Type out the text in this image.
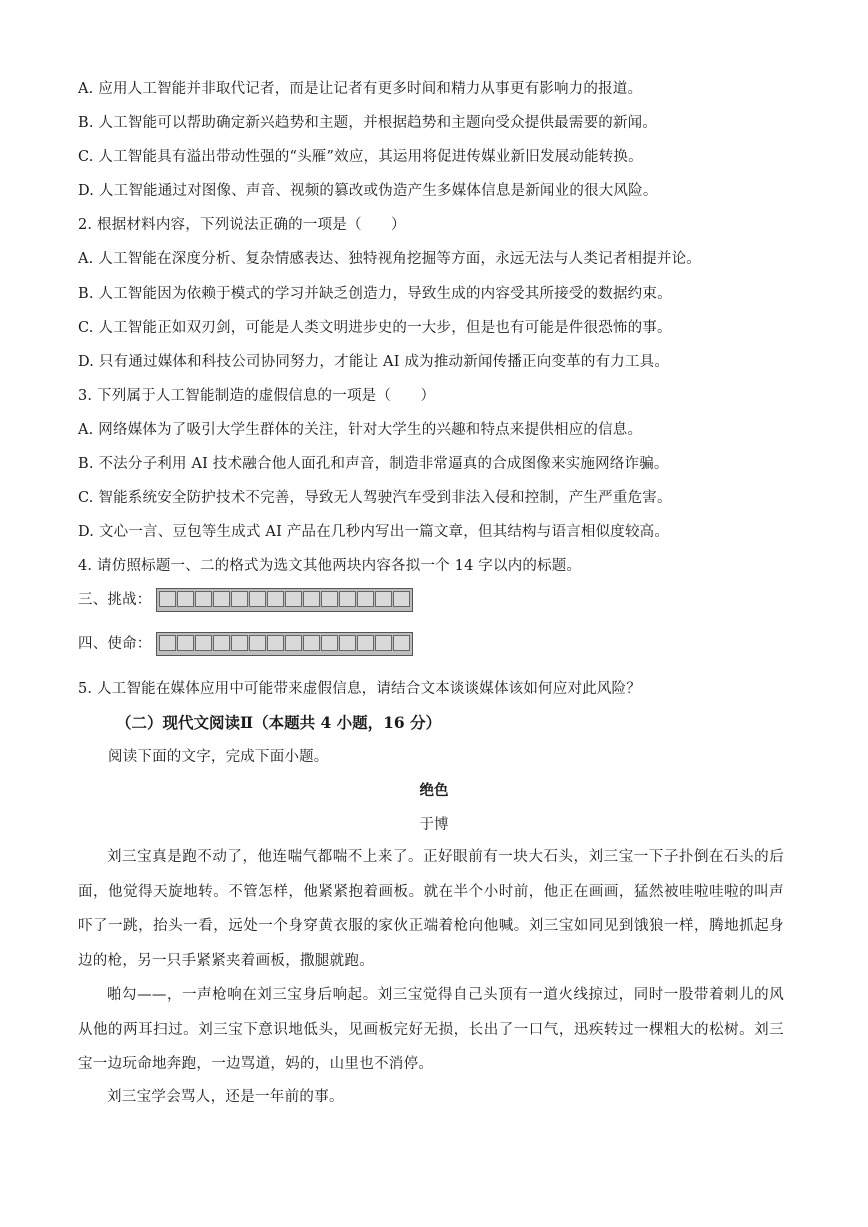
A. 应用人工智能并非取代记者，而是让记者有更多时间和精力从事更有影响力的报道。
B. 人工智能可以帮助确定新兴趋势和主题，并根据趋势和主题向受众提供最需要的新闻。
C. 人工智能具有溢出带动性强的“头雁”效应，其运用将促进传媒业新旧发展动能转换。
D. 人工智能通过对图像、声音、视频的篡改或伪造产生多媒体信息是新闻业的很大风险。
2. 根据材料内容，下列说法正确的一项是（　　）
A. 人工智能在深度分析、复杂情感表达、独特视角挖掘等方面，永远无法与人类记者相提并论。
B. 人工智能因为依赖于模式的学习并缺乏创造力，导致生成的内容受其所接受的数据约束。
C. 人工智能正如双刃剑，可能是人类文明进步史的一大步，但是也有可能是件很恐怖的事。
D. 只有通过媒体和科技公司协同努力，才能让 AI 成为推动新闻传播正向变革的有力工具。
3. 下列属于人工智能制造的虚假信息的一项是（　　）
A. 网络媒体为了吸引大学生群体的关注，针对大学生的兴趣和特点来提供相应的信息。
B. 不法分子利用 AI 技术融合他人面孔和声音，制造非常逼真的合成图像来实施网络诈骗。
C. 智能系统安全防护技术不完善，导致无人驾驶汽车受到非法入侵和控制，产生严重危害。
D. 文心一言、豆包等生成式 AI 产品在几秒内写出一篇文章，但其结构与语言相似度较高。
4. 请仿照标题一、二的格式为选文其他两块内容各拟一个 14 字以内的标题。
三、挑战：
四、使命：
5. 人工智能在媒体应用中可能带来虚假信息，请结合文本谈谈媒体该如何应对此风险？
（二）现代文阅读Ⅱ（本题共 4 小题，16 分）
阅读下面的文字，完成下面小题。
绝色
于博
刘三宝真是跑不动了，他连喘气都喘不上来了。正好眼前有一块大石头，刘三宝一下子扑倒在石头的后面，他觉得天旋地转。不管怎样，他紧紧抱着画板。就在半个小时前，他正在画画，猛然被哇啦哇啦的叫声吓了一跳，抬头一看，远处一个身穿黄衣服的家伙正端着枪向他喊。刘三宝如同见到饿狼一样，腾地抓起身边的枪，另一只手紧紧夹着画板，撒腿就跑。
啪勾——，一声枪响在刘三宝身后响起。刘三宝觉得自己头顶有一道火线掠过，同时一股带着刺儿的风从他的两耳扫过。刘三宝下意识地低头，见画板完好无损，长出了一口气，迅疾转过一棵粗大的松树。刘三宝一边玩命地奔跑，一边骂道，妈的，山里也不消停。
刘三宝学会骂人，还是一年前的事。
